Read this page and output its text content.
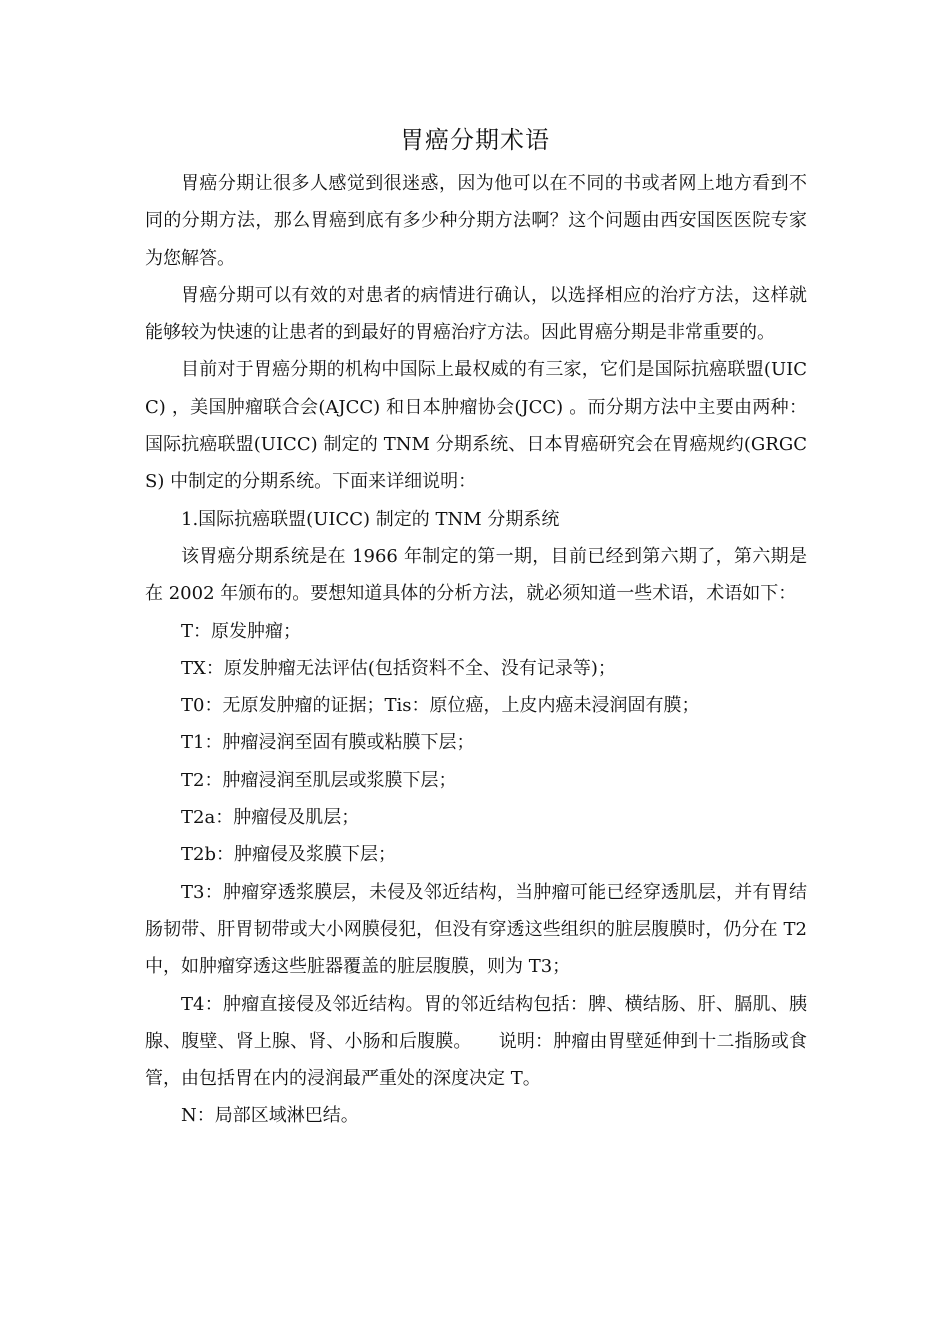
胃癌分期术语

胃癌分期让很多人感觉到很迷惑，因为他可以在不同的书或者网上地方看到不同的分期方法，那么胃癌到底有多少种分期方法啊？这个问题由西安国医医院专家为您解答。

胃癌分期可以有效的对患者的病情进行确认，以选择相应的治疗方法，这样就能够较为快速的让患者的到最好的胃癌治疗方法。因此胃癌分期是非常重要的。

目前对于胃癌分期的机构中国际上最权威的有三家，它们是国际抗癌联盟(UICC) ，美国肿瘤联合会(AJCC) 和日本肿瘤协会(JCC) 。而分期方法中主要由两种：国际抗癌联盟(UICC) 制定的 TNM 分期系统、日本胃癌研究会在胃癌规约(GRGCS) 中制定的分期系统。下面来详细说明：

1.国际抗癌联盟(UICC) 制定的 TNM 分期系统

该胃癌分期系统是在 1966 年制定的第一期，目前已经到第六期了，第六期是在 2002 年颁布的。要想知道具体的分析方法，就必须知道一些术语，术语如下：

T：原发肿瘤；

TX：原发肿瘤无法评估(包括资料不全、没有记录等)；

T0：无原发肿瘤的证据；Tis：原位癌，上皮内癌未浸润固有膜；

T1：肿瘤浸润至固有膜或粘膜下层；

T2：肿瘤浸润至肌层或浆膜下层；

T2a：肿瘤侵及肌层；

T2b：肿瘤侵及浆膜下层；

T3：肿瘤穿透浆膜层，未侵及邻近结构，当肿瘤可能已经穿透肌层，并有胃结肠韧带、肝胃韧带或大小网膜侵犯，但没有穿透这些组织的脏层腹膜时，仍分在 T2 中，如肿瘤穿透这些脏器覆盖的脏层腹膜，则为 T3；

T4：肿瘤直接侵及邻近结构。胃的邻近结构包括：脾、横结肠、肝、膈肌、胰腺、腹壁、肾上腺、肾、小肠和后腹膜。　　说明：肿瘤由胃壁延伸到十二指肠或食管，由包括胃在内的浸润最严重处的深度决定 T。

N：局部区域淋巴结。
